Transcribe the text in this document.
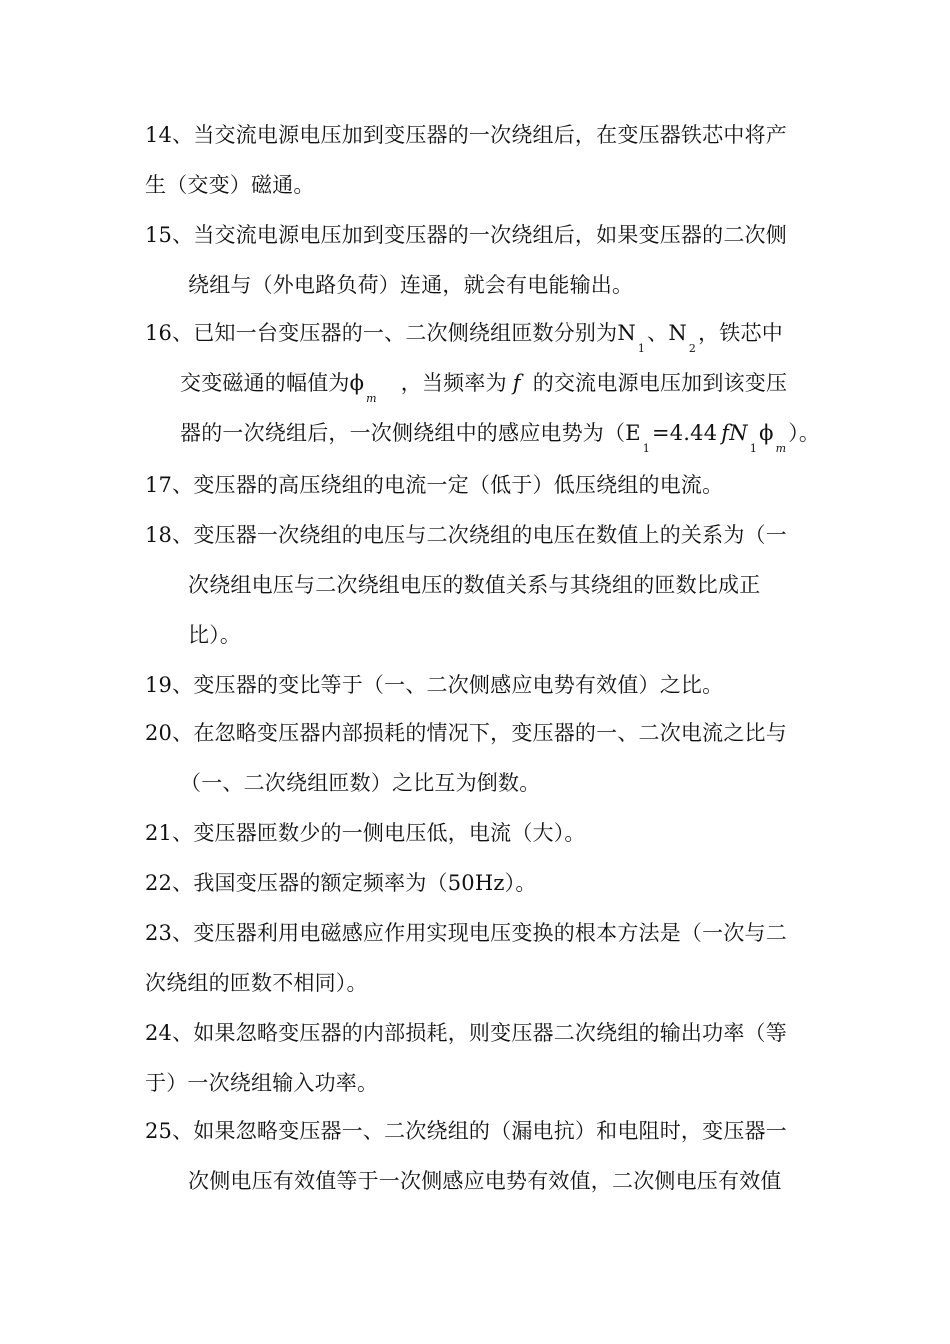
14、当交流电源电压加到变压器的一次绕组后，在变压器铁芯中将产
生（交变）磁通。
15、当交流电源电压加到变压器的一次绕组后，如果变压器的二次侧
绕组与（外电路负荷）连通，就会有电能输出。
16、已知一台变压器的一、二次侧绕组匝数分别为$N_1$、$N_2$，铁芯中
交变磁通的幅值为$\phi_m$，当频率为 f 的交流电源电压加到该变压
器的一次绕组后，一次侧绕组中的感应电势为（$E_1=4.44$ $fN_1\phi_m$）。
17、变压器的高压绕组的电流一定（低于）低压绕组的电流。
18、变压器一次绕组的电压与二次绕组的电压在数值上的关系为（一
次绕组电压与二次绕组电压的数值关系与其绕组的匝数比成正
比）。
19、变压器的变比等于（一、二次侧感应电势有效值）之比。
20、在忽略变压器内部损耗的情况下，变压器的一、二次电流之比与
（一、二次绕组匝数）之比互为倒数。
21、变压器匝数少的一侧电压低，电流（大）。
22、我国变压器的额定频率为（50Hz）。
23、变压器利用电磁感应作用实现电压变换的根本方法是（一次与二
次绕组的匝数不相同）。
24、如果忽略变压器的内部损耗，则变压器二次绕组的输出功率（等
于）一次绕组输入功率。
25、如果忽略变压器一、二次绕组的（漏电抗）和电阻时，变压器一
次侧电压有效值等于一次侧感应电势有效值，二次侧电压有效值
